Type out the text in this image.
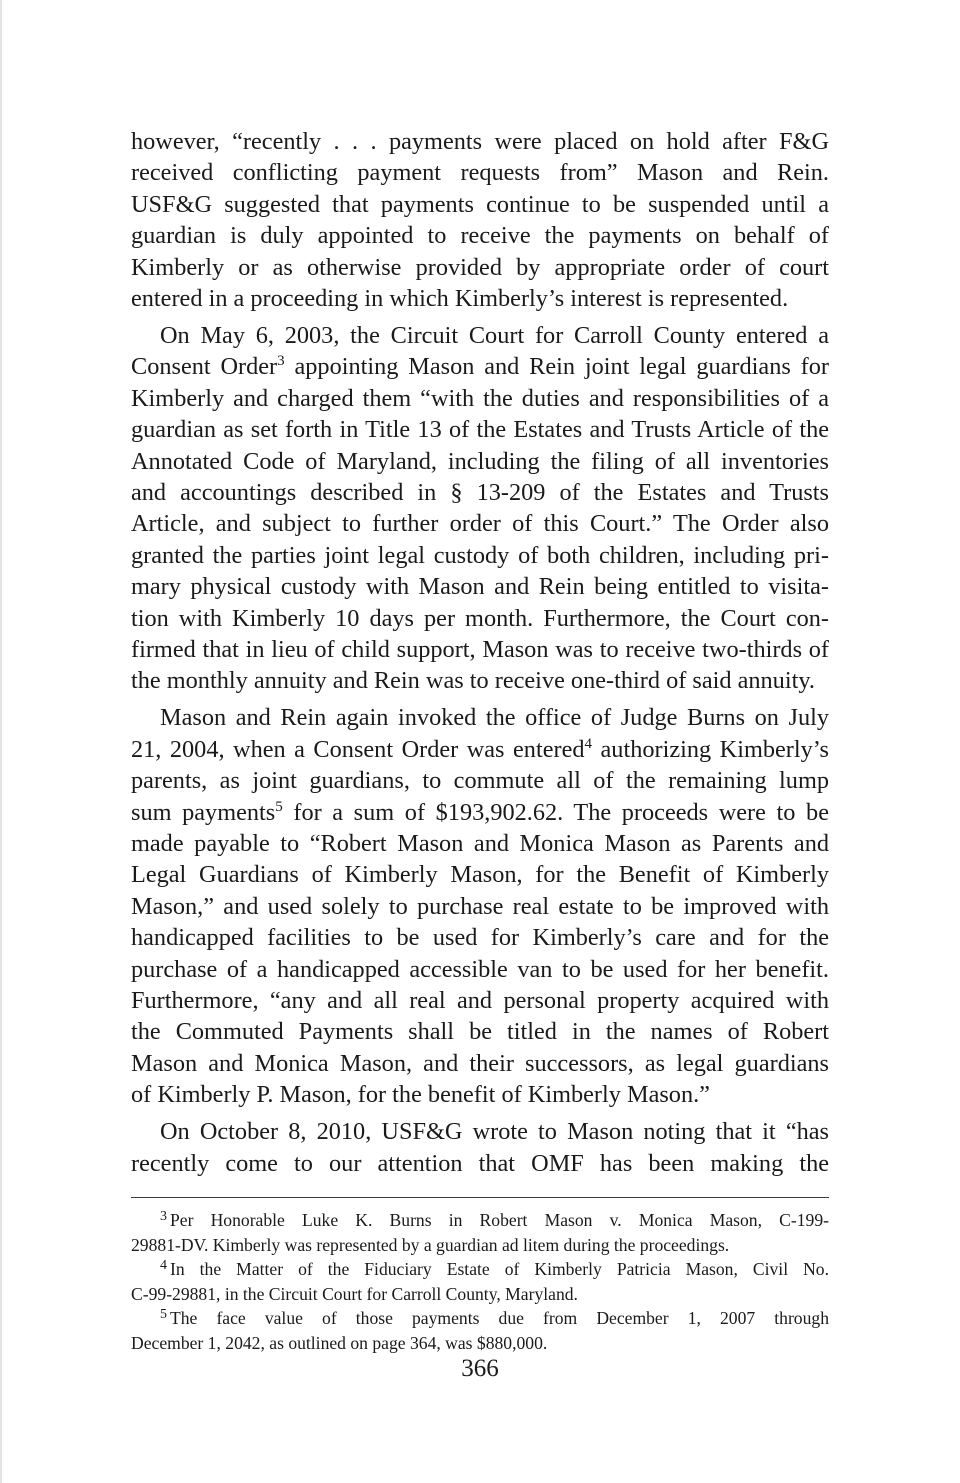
however, “recently . . . payments were placed on hold after F&G
received conflicting payment requests from” Mason and Rein.
USF&G suggested that payments continue to be suspended until a
guardian is duly appointed to receive the payments on behalf of
Kimberly or as otherwise provided by appropriate order of court
entered in a proceeding in which Kimberly’s interest is represented.

On May 6, 2003, the Circuit Court for Carroll County entered a
Consent Order$^3$ appointing Mason and Rein joint legal guardians for
Kimberly and charged them “with the duties and responsibilities of a
guardian as set forth in Title 13 of the Estates and Trusts Article of the
Annotated Code of Maryland, including the filing of all inventories
and accountings described in § 13-209 of the Estates and Trusts
Article, and subject to further order of this Court.” The Order also
granted the parties joint legal custody of both children, including pri-
mary physical custody with Mason and Rein being entitled to visita-
tion with Kimberly 10 days per month. Furthermore, the Court con-
firmed that in lieu of child support, Mason was to receive two-thirds of
the monthly annuity and Rein was to receive one-third of said annuity.

Mason and Rein again invoked the office of Judge Burns on July
21, 2004, when a Consent Order was entered$^4$ authorizing Kimberly’s
parents, as joint guardians, to commute all of the remaining lump
sum payments$^5$ for a sum of $193,902.62. The proceeds were to be
made payable to “Robert Mason and Monica Mason as Parents and
Legal Guardians of Kimberly Mason, for the Benefit of Kimberly
Mason,” and used solely to purchase real estate to be improved with
handicapped facilities to be used for Kimberly’s care and for the
purchase of a handicapped accessible van to be used for her benefit.
Furthermore, “any and all real and personal property acquired with
the Commuted Payments shall be titled in the names of Robert
Mason and Monica Mason, and their successors, as legal guardians
of Kimberly P. Mason, for the benefit of Kimberly Mason.”

On October 8, 2010, USF&G wrote to Mason noting that it “has
recently come to our attention that OMF has been making the

$^3$ Per Honorable Luke K. Burns in Robert Mason v. Monica Mason, C-199-
29881-DV. Kimberly was represented by a guardian ad litem during the proceedings.

$^4$ In the Matter of the Fiduciary Estate of Kimberly Patricia Mason, Civil No.
C-99-29881, in the Circuit Court for Carroll County, Maryland.

$^5$ The face value of those payments due from December 1, 2007 through
December 1, 2042, as outlined on page 364, was $880,000.

366
